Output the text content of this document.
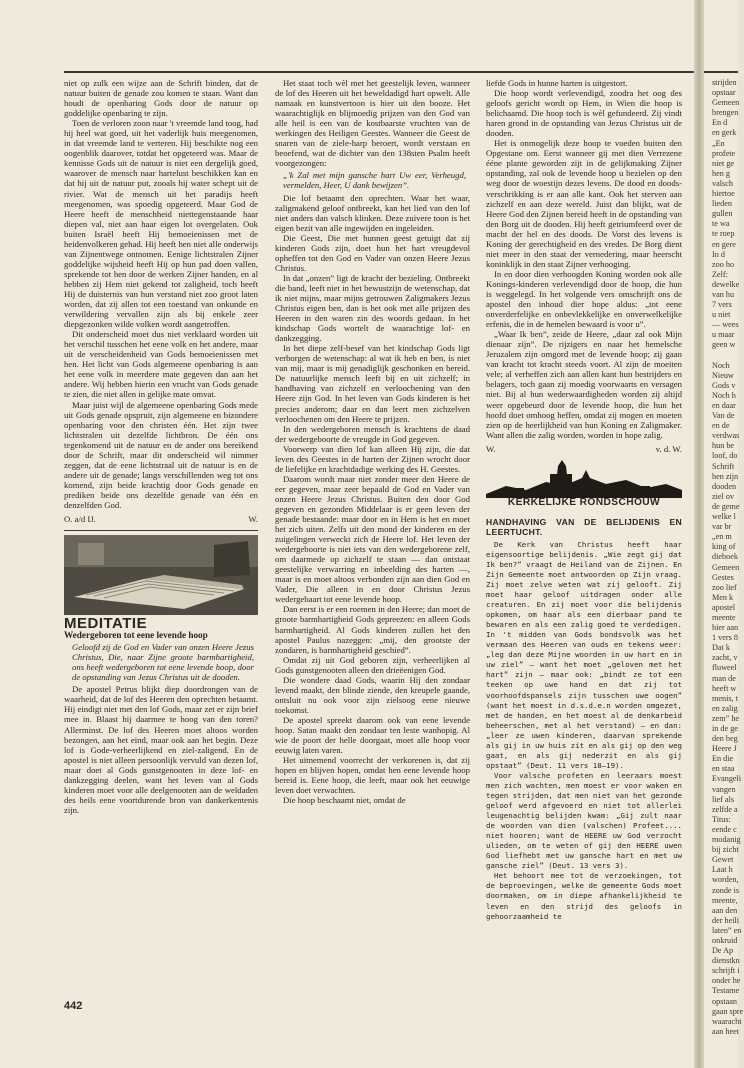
niet op zulk een wijze aan de Schrift binden, dat de natuur buiten de genade zou komen te staan. Want dan houdt de openbaring Gods door de natuur op goddelijke openbaring te zijn.

Toen de verloren zoon naar 't vreemde land toog, had hij heel wat goed, uit het vaderlijk huis meegenomen, in dat vreemde land te verteren. Hij beschikte nog een oogenblik daarover, totdat het opgeteerd was. Maar de kennisse Gods uit de natuur is niet een dergelijk goed, waarover de mensch naar hartelust beschikken kan en dat hij uit de natuur put, zooals hij water schept uit de rivier. Wat de mensch uit het paradijs heeft meegenomen, was spoedig opgeteerd. Maar God de Heere heeft de menschheid niettegenstaande haar diepen val, niet aan haar eigen lot overgelaten. Ook buiten Israël heeft Hij bemoeienissen met de heidenvolkeren gehad. Hij heeft hen niet alle onderwijs van Zijnentwege ontnomen. Eenige lichtstralen Zijner goddelijke wijsheid heeft Hij op hun pad doen vallen, sprekende tot hen door de werken Zijner handen, en al hebben zij Hem niet gekend tot zaligheid, toch heeft Hij de duisternis van hun verstand niet zoo groot laten worden, dat zij allen tot een toestand van onkunde en verwildering vervallen zijn als bij enkele zeer diepgezonken wilde volken wordt aangetroffen.

Dit onderscheid moet dus niet verklaard worden uit het verschil tusschen het eene volk en het andere, maar uit de verscheidenheid van Gods bemoeienissen met hen. Het licht van Gods algemeene openbaring is aan het eene volk in meerdere mate gegeven dan aan het andere. Wij hebben hierin een vrucht van Gods genade te zien, die niet allen in gelijke mate omvat.

Maar juist wijl de algemeene openbaring Gods mede uit Gods genade opspruit, zijn algemeene en bizondere openbaring voor den christen één. Het zijn twee lichtstralen uit dezelfde lichtbron. De één ons tegenkomend uit de natuur en de ander ons bereikend door de Schrift, maar dit onderscheid wil nimmer zeggen, dat de eene lichtstraal uit de natuur is en de andere uit de genade; langs verschillenden weg tot ons komend, zijn beide krachtig door Gods genade en prediken beide ons dezelfde genade van één en denzelfden God.

O. a/d IJ.	W.
MEDITATIE
Wedergeboren tot eene levende hoop

Geloofd zij de God en Vader van onzen Heere Jezus Christus, Die, naar Zijne groote barmhartigheid, ons heeft wedergeboren tot eene levende hoop, door de opstanding van Jezus Christus uit de dooden.

De apostel Petrus blijkt diep doordrongen van de waarheid, dat de lof des Heeren den oprechten betaamt. Hij eindigt niet met den lof Gods, maar zet er zijn brief mee in. Blaast hij daarmee te hoog van den toren? Allerminst. De lof des Heeren moet altoos worden bezongen, aan het eind, maar ook aan het begin. Deze lof is Gode-verheerlijkend en ziel-zaligend. En de apostel is niet alleen persoonlijk vervuld van dezen lof, maar doet al Gods gunstgenooten in deze lof- en dankzegging deelen, want het leven van al Gods kinderen moet voor alle deelgenooten aan de weldaden des heils eene voortdurende bron van dankerkentenis zijn.

442

Het staat toch wèl met het geestelijk leven, wanneer de lof des Heeren uit het beweldadigd hart opwelt. Alle namaak en kunstvertoon is hier uit den booze. Het waarachtiglijk en blijmoedig prijzen van den God van alle heil is een van de kostbaarste vruchten van de werkingen des Heiligen Geestes. Wanneer die Geest de snaren van de ziele-harp beroert, wordt verstaan en beoefend, wat de dichter van den 138sten Psalm heeft voorgezongen:

„'k Zal met mijn gansche hart Uw eer, Verheugd, vermelden, Heer, U dank bewijzen”.

Die lof betaamt den oprechten. Waar het waar, zaligmakend geloof ontbreekt, kan het lied van den lof niet anders dan valsch klinken. Deze zuivere toon is het eigen bezit van alle ingewijden en ingeleiden.

Die Geest, Die met hunnen geest getuigt dat zij kinderen Gods zijn, doet hun het hart vreugdevol opheffen tot den God en Vader van onzen Heere Jezus Christus.

In dat „onzen” ligt de kracht der bezieling. Ontbreekt die band, leeft niet in het bewustzijn de wetenschap, dat ik niet mijns, maar mijns getrouwen Zaligmakers Jezus Christus eigen ben, dan is het ook met alle prijzen des Heeren in den waren zin des woords gedaan. In het kindschap Gods wortelt de waarachtige lof- en dankzegging.

In het diepe zelf-besef van het kindschap Gods ligt verborgen de wetenschap: al wat ik heb en ben, is niet van mij, maar is mij genadiglijk geschonken en bereid. De natuurlijke mensch leeft bij en uit zichzelf; in handhaving van zichzelf en verloochening van den Heere zijn God. In het leven van Gods kinderen is het precies anderom; daar en dan leert men zichzelven verloochenen om den Heere te prijzen.

In den wedergeboren mensch is krachtens de daad der wedergeboorte de vreugde in God gegeven.

Voorwerp van dien lof kan alleen Hij zijn, die dat leven des Geestes in de harten der Zijnen wrocht door de liefelijke en krachtdadige werking des H. Geestes.

Daarom wordt maar niet zonder meer den Heere de eer gegeven, maar zeer bepaald de God en Vader van onzen Heere Jezus Christus. Buiten den door God gegeven en gezonden Middelaar is er geen leven der genade bestaande: maar door en in Hem is het en moet het zich uiten. Zelfs uit den mond der kinderen en der zuigelingen verweckt zich de Heere lof. Het leven der wedergeboorte is niet iets van den wedergeborene zelf, om daarmede op zichzelf te staan — dan ontstaat geestelijke verwarring en inbeelding des harten —, maar is en moet altoos verbonden zijn aan dien God en Vader, Die alleen in en door Christus Jezus wedergebaart tot eene levende hoop.

Dan eerst is er een roemen in den Heere; dan moet de groote barmhartigheid Gods gepreezen: en alleen Gods barmhartigheid. Al Gods kinderen zullen het den apostel Paulus nazeggen: „mij, den grootste der zondaren, is barmhartigheid geschied”.

Omdat zij uit God geboren zijn, verheerlijken al Gods gunstgenooten alleen den drieëenigen God.

Die wondere daad Gods, waarin Hij den zondaar levend maakt, den blinde ziende, den kreupele gaande, ontsluit nu ook voor zijn zielsoog eene nieuwe toekomst.

De apostel spreekt daarom ook van eene levende hoop. Satan maakt den zondaar ten leste wanhopig. Al wie de poort der helle doorgaat, moet alle hoop voor eeuwig laten varen.

Het uitnemend voorrecht der verkorenen is, dat zij hopen en blijven hopen, omdat hen eene levende hoop bereid is. Eene hoop, die leeft, maar ook het eeuwige leven doet verwachten.

Die hoop beschaamt niet, omdat de

liefde Gods in hunne harten is uitgestort.

Die hoop wordt verlevendigd, zoodra het oog des geloofs gericht wordt op Hem, in Wien die hoop is belichaamd. Die hoop toch is wèl gefundeerd. Zij vindt haren grond in de opstanding van Jezus Christus uit de dooden.

Het is onmogelijk deze hoop te voeden buiten den Opgestane om. Eerst wanneer gij met dien Verrezene ééne plante geworden zijt in de gelijkmaking Zijner opstanding, zal ook de levende hoop u bezielen op den weg door de woestijn dezes levens. De dood en doods-verschrikking is er aan alle kant. Ook het sterven aan zichzelf en aan deze wereld. Juist dan blijkt, wat de Heere God den Zijnen bereid heeft in de opstanding van den Borg uit de dooden. Hij heeft getriumfeerd over de macht der hel en des doods. De Vorst des levens is Koning der gerechtigheid en des vredes. De Borg dient niet meer in den staat der vernedering, maar heerscht koninklijk in den staat Zijner verhooging.

In en door dien verhoogden Koning worden ook alle Konings-kinderen verlevendigd door de hoop, die hun is weggelegd. In het volgende vers omschrijft ons de apostel den inhoud dier hope aldus: „tot eene onverderfelijke en onbevlekkelijke en onverwelkelijke erfenis, die in de hemelen bewaard is voor u”.

„Waar Ik ben”, zeide de Heere, „daar zal ook Mijn dienaar zijn”. De rijzigers en naar het hemelsche Jeruzalem zijn omgord met de levende hoop; zij gaan van kracht tot kracht steeds voort. Al zijn de moeiten vele; al verheffen zich aan allen kant hun bestrijders en belagers, toch gaan zij moedig voorwaarts en versagen niet. Bij al hun wederwaardigheden worden zij altijd weer opgebeurd door de levende hoop, die hun het hoofd doet omhoog heffen, omdat zij mogen en moeten zien op de heerlijkheid van hun Koning en Zaligmaker. Want allen die zalig worden, worden in hope zalig.

W.	v. d. W.
KERKELIJKE RONDSCHOUW
HANDHAVING VAN DE BELIJDENIS EN LEERTUCHT.

De Kerk van Christus heeft haar eigensoortige belijdenis. „Wie zegt gij dat Ik ben?” vraagt de Heiland van de Zijnen. En Zijn Gemeente moet antwoorden op Zijn vraag. Zij moet zelve weten wat zij gelooft. Zij moet haar geloof uitdragen onder alle creaturen. En zij moet voor die belijdenis opkomen, om haar als een dierbaar pand te bewaren en als een zalig goed te verdedigen. In 't midden van Gods bondsvolk was het vermaan des Heeren van ouds en tekens weer: „leg dan deze Mijne woorden in uw hart en in uw ziel” — want het moet „geloven met het hart” zijn — maar ook: „bindt ze tot een teeken op uwe hand en dat zij tot voorhoofdspansels zijn tusschen uwe oogen” (want het moest in d.s.d.e.n worden omgezet, met de handen, en het moest al de denkarbeid beheerschen, met al het verstand) — en dan: „leer ze uwen kinderen, daarvan sprekende als gij in uw huis zit en als gij op den weg gaat, en als gij nederzit en als gij opstaat” (Deut. 11 vers 18—19).

Voor valsche profeten en leeraars moest men zich wachten, men moest er voor waken en tegen strijden, dat men niet van het gezonde geloof werd afgevoerd en niet tot allerlei leugenachtig belijden kwam: „Gij zult naar de woorden van dien (valschen) Profeet.... niet hooren; want de HEERE uw God verzocht ulieden, om te weten of gij den HEERE uwen God liefhebt met uw gansche hart en met uw gansche ziel” (Deut. 13 vers 3).

Het behoort mee tot de verzoekingen, tot de beproevingen, welke de gemeente Gods moet doormaken, om in diepe afhankelijkheid te leven en den strijd des geloofs in gehoorzaamheid te

strijden

opstaar

Gemeen

brengen

En d

en gerk

„En

profete

niet ge

hen g

valsch

hiertoe

lieden

gullen

te wa

te roep

en gere

In d

zoo ho

Zelf:

dewelke

van hu

7 vers

u niet

— wees

u maar

geen w

Noch

Nieuw

Gods v

Noch h

en daar

Van de

en de

verdwas

hun be

loof, do

Schrift

hen zijn

dooden

ziel ov

de geme

welke l

var br

„en m

king of

dieboek

Gemeen

Gestes

zoo lief

Men k

apostel

meente

hier aan

1 vers 8

Dat k

zacht, v

fluweel

man de

heeft w

menis, t

en zalig

zem” he

in de ge

den beg

Heere J

En die

en staa

Evangeli

vangen

lief als

zelfde a

Titus:

eende c

modanig

bij zicht

Gewet

Laat h

worden,

zonde is

meente,

aan den

der heili

laten” en

onkruid

De Ap

dienstkn

schrijft i

onder he

Testame

opstaan

gaan spre

waaracht

aan heet
